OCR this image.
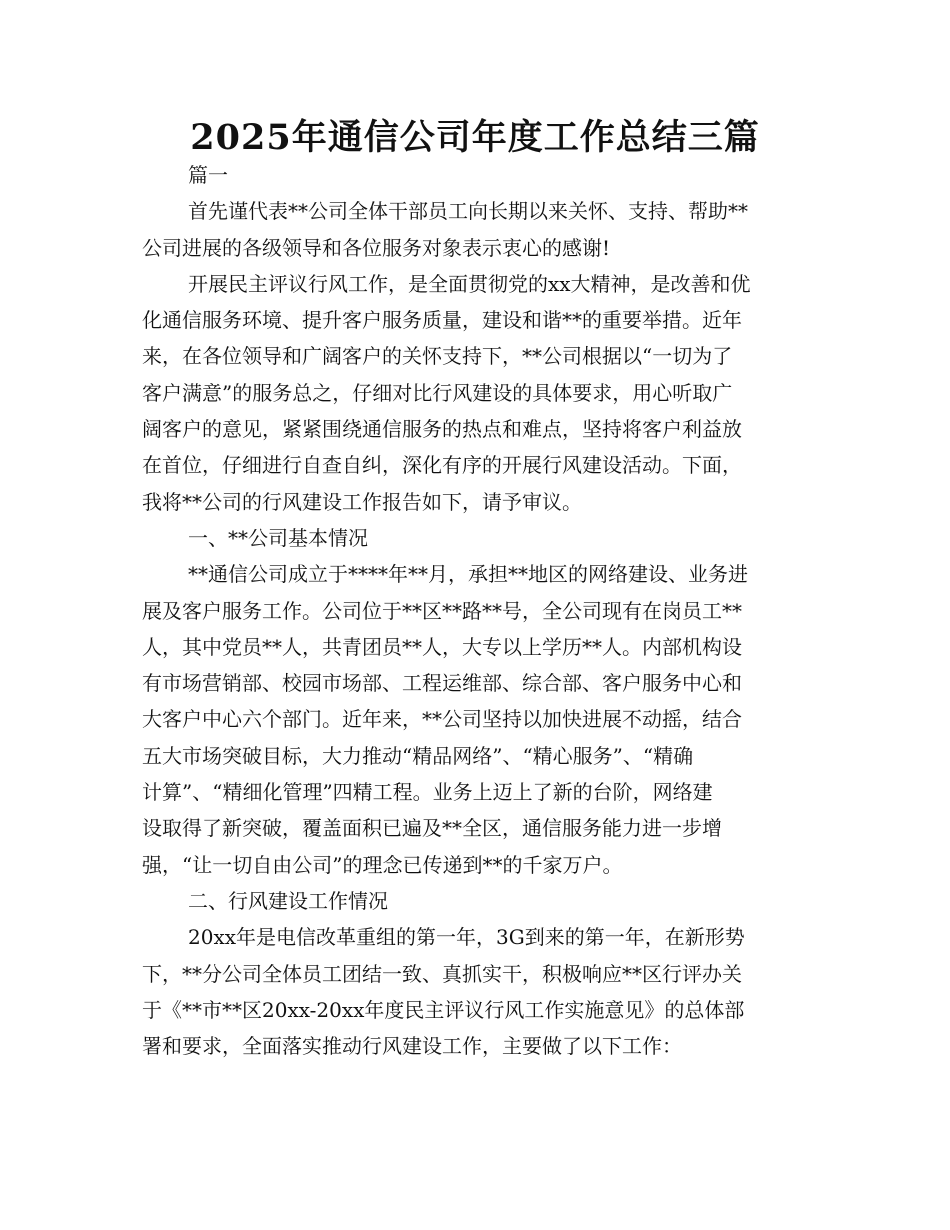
2025年通信公司年度工作总结三篇
篇一
首先谨代表**公司全体干部员工向长期以来关怀、支持、帮助**
公司进展的各级领导和各位服务对象表示衷心的感谢!
开展民主评议行风工作，是全面贯彻党的xx大精神，是改善和优
化通信服务环境、提升客户服务质量，建设和谐**的重要举措。近年
来，在各位领导和广阔客户的关怀支持下，**公司根据以“一切为了
客户满意”的服务总之，仔细对比行风建设的具体要求，用心听取广
阔客户的意见，紧紧围绕通信服务的热点和难点，坚持将客户利益放
在首位，仔细进行自查自纠，深化有序的开展行风建设活动。下面，
我将**公司的行风建设工作报告如下，请予审议。
一、**公司基本情况
**通信公司成立于****年**月，承担**地区的网络建设、业务进
展及客户服务工作。公司位于**区**路**号，全公司现有在岗员工**
人，其中党员**人，共青团员**人，大专以上学历**人。内部机构设
有市场营销部、校园市场部、工程运维部、综合部、客户服务中心和
大客户中心六个部门。近年来，**公司坚持以加快进展不动摇，结合
五大市场突破目标，大力推动“精品网络”、“精心服务”、“精确
计算”、“精细化管理”四精工程。业务上迈上了新的台阶，网络建
设取得了新突破，覆盖面积已遍及**全区，通信服务能力进一步增
强，“让一切自由公司”的理念已传递到**的千家万户。
二、行风建设工作情况
20xx年是电信改革重组的第一年，3G到来的第一年，在新形势
下，**分公司全体员工团结一致、真抓实干，积极响应**区行评办关
于《**市**区20xx-20xx年度民主评议行风工作实施意见》的总体部
署和要求，全面落实推动行风建设工作，主要做了以下工作：
